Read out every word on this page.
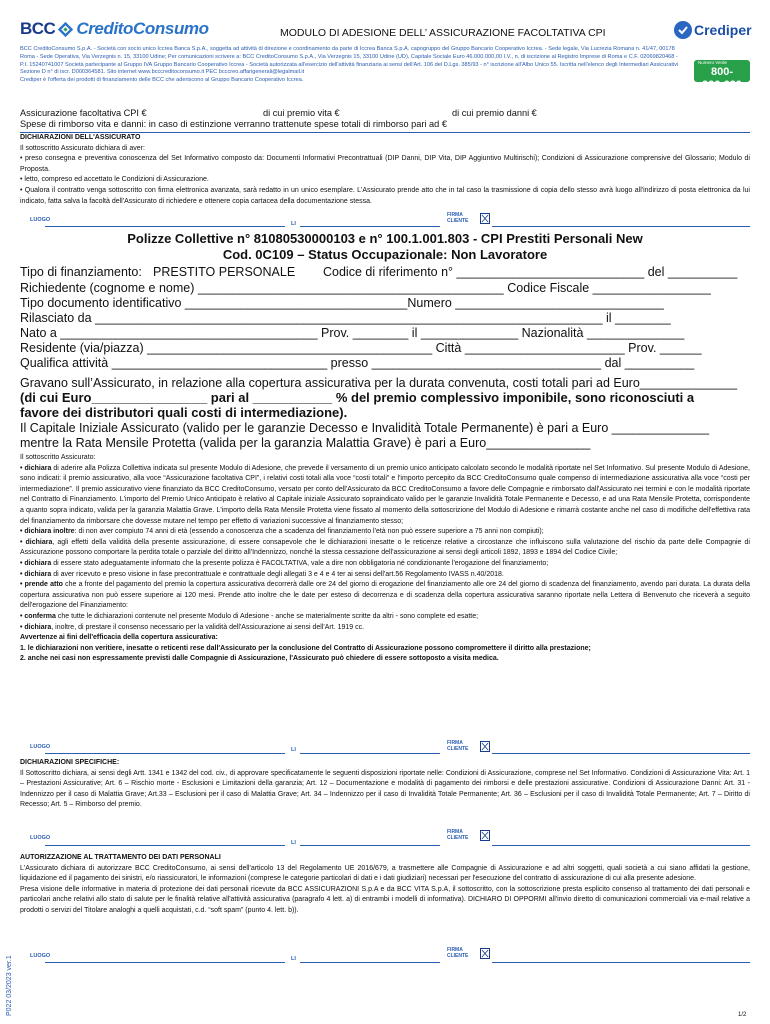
BCC CreditoConsumo	MODULO DI ADESIONE DELL’ ASSICURAZIONE FACOLTATIVA CPI	Crediper
BCC CreditoConsumo S.p.A. - Società con socio unico Iccrea Banca S.p.A., soggetta ad attività di direzione e coordinamento da parte di Iccrea Banca S.p.A. capogruppo del Gruppo Bancario Cooperativo Iccrea. - Sede legale, Via Lucrezia Romana n. 41/47, 00178 Roma - Sede Operativa, Via Verzegnis n. 15, 33100 Udine; Per comunicazioni scrivere a: BCC CreditoConsumo S.p.A., Via Verzegnis 15, 33100 Udine (UD), Capitale Sociale Euro 46.000.000,00 I.V., n. di iscrizione al Registro Imprese di Roma e C.F. 02069820468 - P.I. 15240741007 Società partecipante al Gruppo IVA Gruppo Bancario Cooperativo Iccrea - Società autorizzata all'esercizio dell'attività finanziaria ai sensi dell'Art. 106 del D.Lgs. 385/93 - n° iscrizione all'Albo Unico 55. Iscritta nell'elenco degli Intermediari Assicurativi Sezione D n° di iscr. D000364581. Sito internet www.bcccreditoconsumo.it PEC bcccreo.affarigenerali@legalmail.it
Crediper è l'offerta dei prodotti di finanziamento delle BCC che aderiscono al Gruppo Bancario Cooperativo Iccrea.
Numero Verde
800-990.620
Assicurazione facoltativa CPI €	di cui premio vita €	di cui premio danni €
Spese di rimborso vita e danni: in caso di estinzione verranno trattenute spese totali di rimborso pari ad €

DICHIARAZIONI DELL'ASSICURATO

Il sottoscritto Assicurato dichiara di aver:

• preso consegna e preventiva conoscenza del Set Informativo composto da: Documenti Informativi Precontrattuali (DIP Danni, DIP Vita, DIP Aggiuntivo Multirischi); Condizioni di Assicurazione comprensive del Glossario; Modulo di Proposta.

• letto, compreso ed accettato le Condizioni di Assicurazione.

• Qualora il contratto venga sottoscritto con firma elettronica avanzata, sarà redatto in un unico esemplare. L'Assicurato prende atto che in tal caso la trasmissione di copia dello stesso avrà luogo all'indirizzo di posta elettronica da lui indicato, fatta salva la facoltà dell'Assicurato di richiedere e ottenere copia cartacea della documentazione stessa.

LUOGO
LI
FIRMA
CLIENTE
Polizze Collettive n° 81080530000103 e n° 100.1.001.803 - CPI Prestiti Personali New
Cod. 0C109 – Status Occupazionale: Non Lavoratore
Tipo di finanziamento: PRESTITO PERSONALE Codice di riferimento n° ___________________________ del __________
Richiedente (cognome e nome) ____________________________________________ Codice Fiscale _________________
Tipo documento identificativo ________________________________Numero ______________________________
Rilasciato da _________________________________________________________________________ il ________
Nato a _____________________________________ Prov. ________ il ______________ Nazionalità ______________
Residente (via/piazza) _________________________________________ Città _______________________ Prov. ______
Qualifica attività _______________________________ presso _________________________________ dal __________
Gravano sull’Assicurato, in relazione alla copertura assicurativa per la durata convenuta, costi totali pari ad Euro______________
(di cui Euro________________ pari al ___________ % del premio complessivo imponibile, sono riconosciuti a
favore dei distributori quali costi di intermediazione).
Il Capitale Iniziale Assicurato (valido per le garanzie Decesso e Invalidità Totale Permanente) è pari a Euro ______________
mentre la Rata Mensile Protetta (valida per la garanzia Malattia Grave) è pari a Euro_______________

Il sottoscritto Assicurato:

• dichiara di aderire alla Polizza Collettiva indicata sul presente Modulo di Adesione, che prevede il versamento di un premio unico anticipato calcolato secondo le modalità riportate nel Set Informativo. Sul presente Modulo di Adesione, sono indicati: il premio assicurativo, alla voce “Assicurazione facoltativa CPI”, i relativi costi totali alla voce “costi totali” e l'importo percepito da BCC CreditoConsumo quale compenso di intermediazione assicurativa alla voce “costi per intermediazione”. Il premio assicurativo viene finanziato da BCC CreditoConsumo, versato per conto dell'Assicurato da BCC CreditoConsumo a favore delle Compagnie e rimborsato dall'Assicurato nei termini e con le modalità riportate nel Contratto di Finanziamento. L'importo del Premio Unico Anticipato è relativo al Capitale iniziale Assicurato sopraindicato valido per le garanzie Invalidità Totale Permanente e Decesso, e ad una Rata Mensile Protetta, corrispondente a quanto sopra indicato, valida per la garanzia Malattia Grave. L'importo della Rata Mensile Protetta viene fissato al momento della sottoscrizione del Modulo di Adesione e rimarrà costante anche nel caso di modifiche dell'effettiva rata del finanziamento da rimborsare che dovesse mutare nel tempo per effetto di variazioni successive al finanziamento stesso;

• dichiara inoltre: di non aver compiuto 74 anni di età (essendo a conoscenza che a scadenza del finanziamento l'età non può essere superiore a 75 anni non compiuti);

• dichiara, agli effetti della validità della presente assicurazione, di essere consapevole che le dichiarazioni inesatte o le reticenze relative a circostanze che influiscono sulla valutazione del rischio da parte delle Compagnie di Assicurazione possono comportare la perdita totale o parziale del diritto all'Indennizzo, nonché la stessa cessazione dell'assicurazione ai sensi degli articoli 1892, 1893 e 1894 del Codice Civile;

• dichiara di essere stato adeguatamente informato che la presente polizza è FACOLTATIVA, vale a dire non obbligatoria né condizionante l'erogazione del finanziamento;

• dichiara di aver ricevuto e preso visione in fase precontrattuale e contrattuale degli allegati 3 e 4 e 4 ter ai sensi dell'art.56 Regolamento IVASS n.40/2018.

• prende atto che a fronte del pagamento del premio la copertura assicurativa decorrerà dalle ore 24 del giorno di erogazione del finanziamento alle ore 24 del giorno di scadenza del finanziamento, avendo pari durata. La durata della copertura assicurativa non può essere superiore ai 120 mesi. Prende atto inoltre che le date per esteso di decorrenza e di scadenza della copertura assicurativa saranno riportate nella Lettera di Benvenuto che riceverà a seguito dell'erogazione del Finanziamento:

• conferma che tutte le dichiarazioni contenute nel presente Modulo di Adesione - anche se materialmente scritte da altri - sono complete ed esatte;

• dichiara, inoltre, di prestare il consenso necessario per la validità dell'Assicurazione ai sensi dell'Art. 1919 cc.

Avvertenze ai fini dell'efficacia della copertura assicurativa:

1. le dichiarazioni non veritiere, inesatte o reticenti rese dall'Assicurato per la conclusione del Contratto di Assicurazione possono compromettere il diritto alla prestazione;

2. anche nei casi non espressamente previsti dalle Compagnie di Assicurazione, l'Assicurato può chiedere di essere sottoposto a visita medica.

LUOGO	LI
FIRMA
CLIENTE

DICHIARAZIONI SPECIFICHE:

Il Sottoscritto dichiara, ai sensi degli Artt. 1341 e 1342 del cod. civ., di approvare specificatamente le seguenti disposizioni riportate nelle: Condizioni di Assicurazione, comprese nel Set Informativo. Condizioni di Assicurazione Vita: Art. 1 – Prestazioni Assicurative; Art. 6 – Rischio morte - Esclusioni e Limitazioni della garanzia; Art. 12 – Documentazione e modalità di pagamento dei rimborsi e delle prestazioni assicurative. Condizioni di Assicurazione Danni: Art. 31 - Indennizzo per il caso di Malattia Grave; Art.33 – Esclusioni per il caso di Malattia Grave; Art. 34 – Indennizzo per il caso di Invalidità Totale Permanente; Art. 36 – Esclusioni per il caso di Invalidità Totale Permanente; Art. 7 – Diritto di Recesso; Art. 5 – Rimborso del premio.

LUOGO
LI
FIRMA
CLIENTE

AUTORIZZAZIONE AL TRATTAMENTO DEI DATI PERSONALI

L'Assicurato dichiara di autorizzare BCC CreditoConsumo, ai sensi dell'articolo 13 del Regolamento UE 2016/679, a trasmettere alle Compagnie di Assicurazione e ad altri soggetti, quali società a cui siano affidati la gestione, liquidazione ed il pagamento dei sinistri, e/o riassicuratori, le informazioni (comprese le categorie particolari di dati e i dati giudiziari) necessari per l'esecuzione del contratto di assicurazione di cui alla presente adesione.

Presa visione delle informative in materia di protezione dei dati personali ricevute da BCC ASSICURAZIONI S.p.A e da BCC VITA S.p.A, il sottoscritto, con la sottoscrizione presta esplicito consenso al trattamento dei dati personali e particolari anche relativi allo stato di salute per le finalità relative all'attività assicurativa (paragrafo 4 lett. a) di entrambi i modelli di informativa). DICHIARO DI OPPORMI all'invio diretto di comunicazioni commerciali via e-mail relative a prodotti o servizi del Titolare analoghi a quelli acquistati, c.d. “soft spam” (punto 4. lett. b)).

LUOGO	LI
FIRMA
CLIENTE
P022 03/2023 ver.1	1/2
